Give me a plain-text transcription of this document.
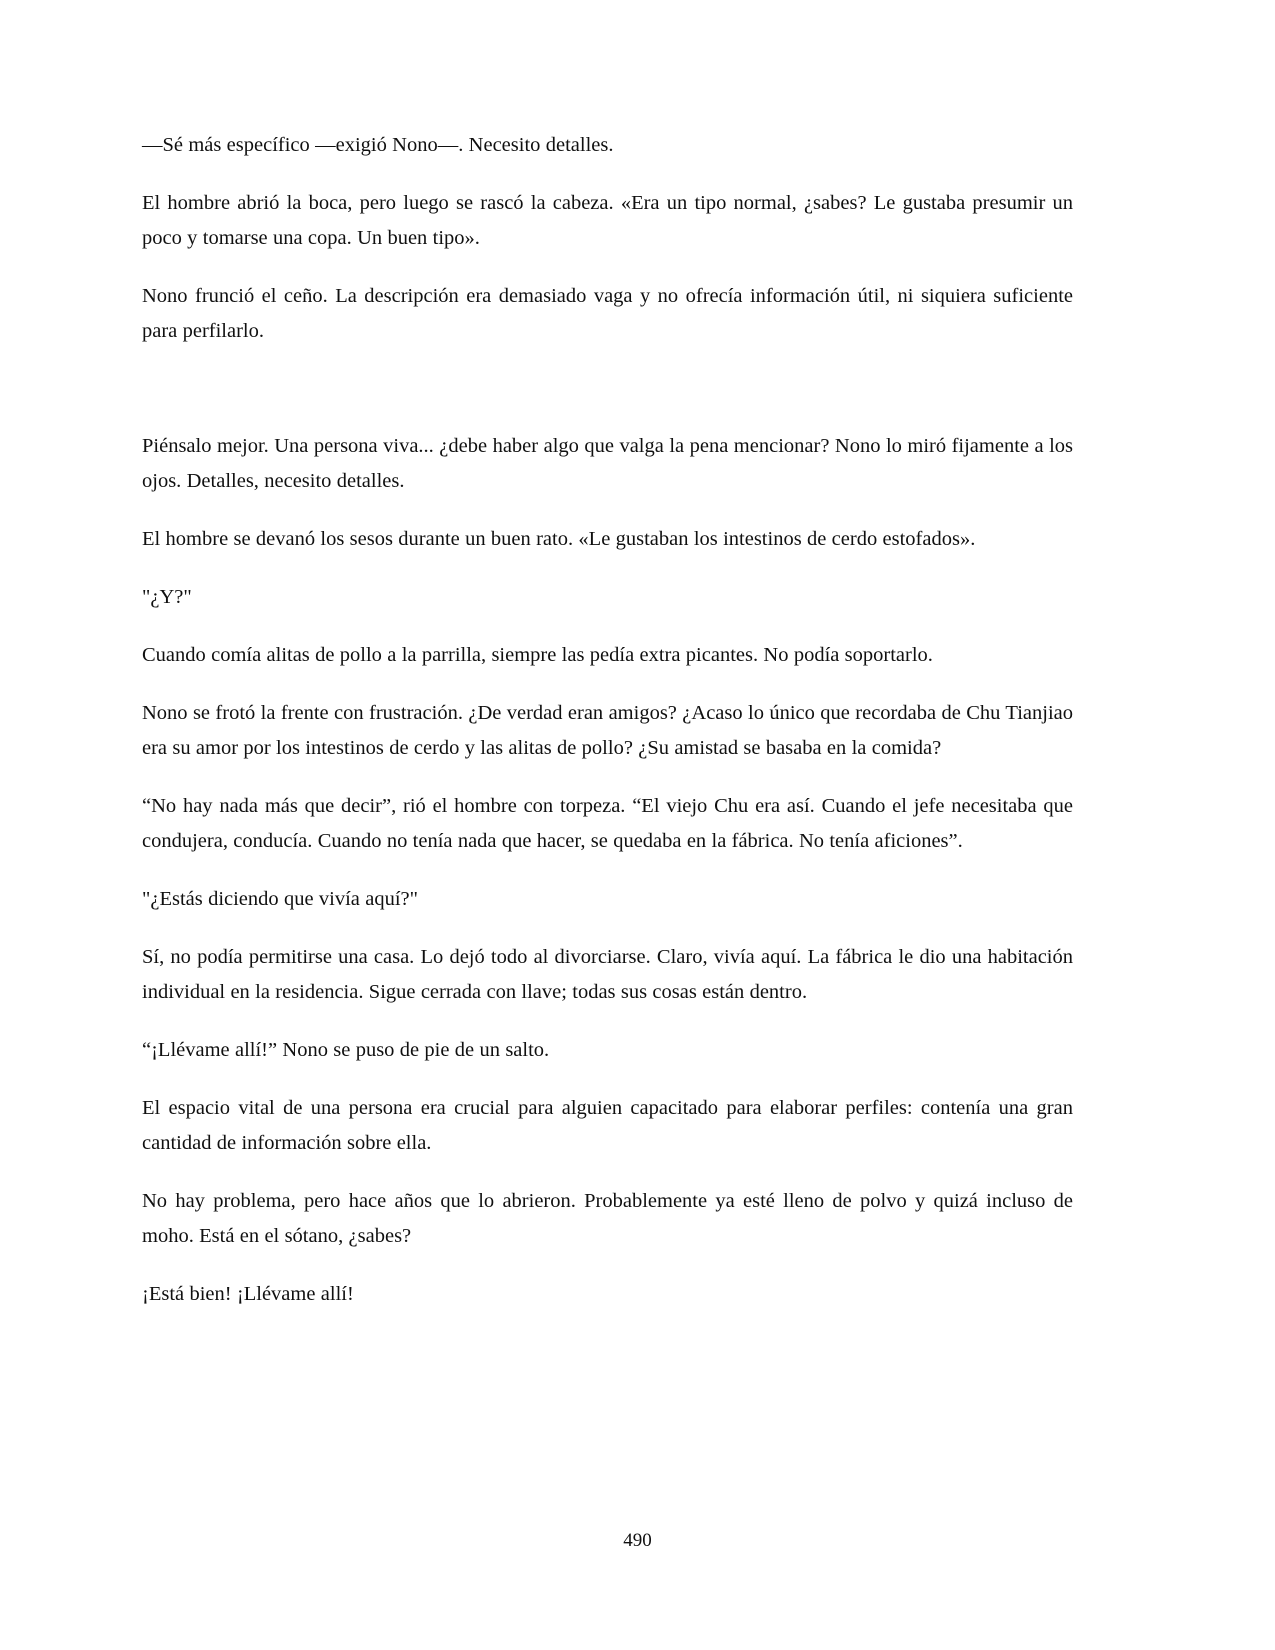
—Sé más específico —exigió Nono—. Necesito detalles.

El hombre abrió la boca, pero luego se rascó la cabeza. «Era un tipo normal, ¿sabes? Le gustaba presumir un poco y tomarse una copa. Un buen tipo».

Nono frunció el ceño. La descripción era demasiado vaga y no ofrecía información útil, ni siquiera suficiente para perfilarlo.

Piénsalo mejor. Una persona viva... ¿debe haber algo que valga la pena mencionar? Nono lo miró fijamente a los ojos. Detalles, necesito detalles.

El hombre se devanó los sesos durante un buen rato. «Le gustaban los intestinos de cerdo estofados».

"¿Y?"

Cuando comía alitas de pollo a la parrilla, siempre las pedía extra picantes. No podía soportarlo.

Nono se frotó la frente con frustración. ¿De verdad eran amigos? ¿Acaso lo único que recordaba de Chu Tianjiao era su amor por los intestinos de cerdo y las alitas de pollo? ¿Su amistad se basaba en la comida?

“No hay nada más que decir”, rió el hombre con torpeza. “El viejo Chu era así. Cuando el jefe necesitaba que condujera, conducía. Cuando no tenía nada que hacer, se quedaba en la fábrica. No tenía aficiones”.

"¿Estás diciendo que vivía aquí?"

Sí, no podía permitirse una casa. Lo dejó todo al divorciarse. Claro, vivía aquí. La fábrica le dio una habitación individual en la residencia. Sigue cerrada con llave; todas sus cosas están dentro.

“¡Llévame allí!” Nono se puso de pie de un salto.

El espacio vital de una persona era crucial para alguien capacitado para elaborar perfiles: contenía una gran cantidad de información sobre ella.

No hay problema, pero hace años que lo abrieron. Probablemente ya esté lleno de polvo y quizá incluso de moho. Está en el sótano, ¿sabes?

¡Está bien! ¡Llévame allí!

490
